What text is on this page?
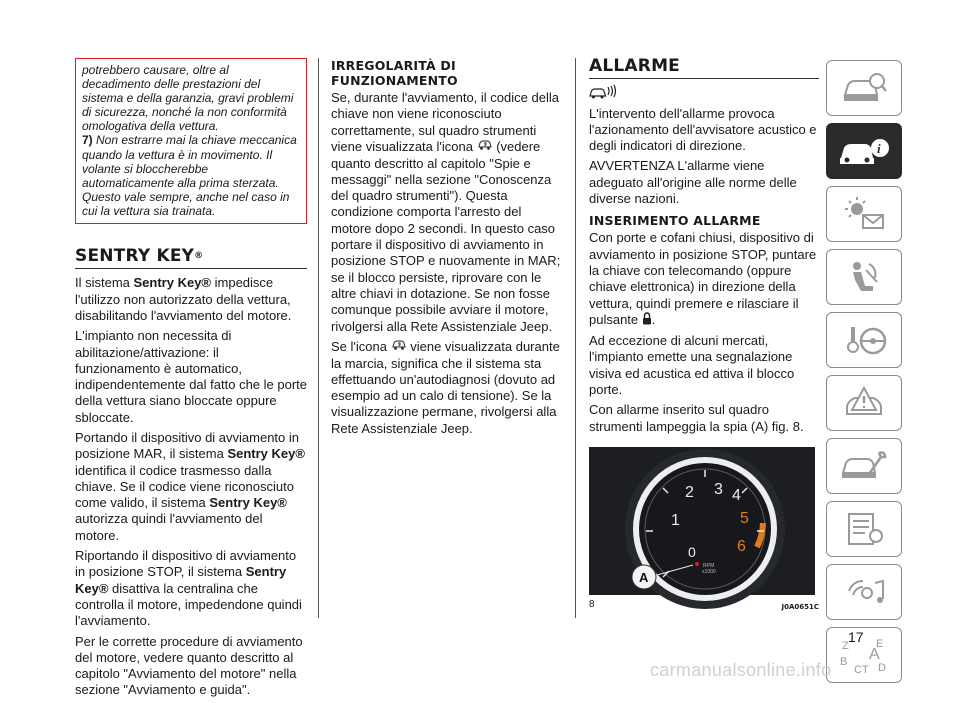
potrebbero causare, oltre al decadimento delle prestazioni del sistema e della garanzia, gravi problemi di sicurezza, nonché la non conformità omologativa della vettura.
7) Non estrarre mai la chiave meccanica quando la vettura è in movimento. Il volante si bloccherebbe automaticamente alla prima sterzata. Questo vale sempre, anche nel caso in cui la vettura sia trainata.
SENTRY KEY®

Il sistema Sentry Key® impedisce l'utilizzo non autorizzato della vettura, disabilitando l'avviamento del motore.

L'impianto non necessita di abilitazione/attivazione: il funzionamento è automatico, indipendentemente dal fatto che le porte della vettura siano bloccate oppure sbloccate.

Portando il dispositivo di avviamento in posizione MAR, il sistema Sentry Key® identifica il codice trasmesso dalla chiave. Se il codice viene riconosciuto come valido, il sistema Sentry Key® autorizza quindi l'avviamento del motore.

Riportando il dispositivo di avviamento in posizione STOP, il sistema Sentry Key® disattiva la centralina che controlla il motore, impedendone quindi l'avviamento.

Per le corrette procedure di avviamento del motore, vedere quanto descritto al capitolo "Avviamento del motore" nella sezione "Avviamento e guida".

IRREGOLARITÀ DI FUNZIONAMENTO

Se, durante l'avviamento, il codice della chiave non viene riconosciuto correttamente, sul quadro strumenti viene visualizzata l'icona (vedere quanto descritto al capitolo "Spie e messaggi" nella sezione "Conoscenza del quadro strumenti"). Questa condizione comporta l'arresto del motore dopo 2 secondi. In questo caso portare il dispositivo di avviamento in posizione STOP e nuovamente in MAR; se il blocco persiste, riprovare con le altre chiavi in dotazione. Se non fosse comunque possibile avviare il motore, rivolgersi alla Rete Assistenziale Jeep.

Se l'icona viene visualizzata durante la marcia, significa che il sistema sta effettuando un'autodiagnosi (dovuto ad esempio ad un calo di tensione). Se la visualizzazione permane, rivolgersi alla Rete Assistenziale Jeep.

ALLARME

L'intervento dell'allarme provoca l'azionamento dell'avvisatore acustico e degli indicatori di direzione.

AVVERTENZA L'allarme viene adeguato all'origine alle norme delle diverse nazioni.

INSERIMENTO ALLARME

Con porte e cofani chiusi, dispositivo di avviamento in posizione STOP, puntare la chiave con telecomando (oppure chiave elettronica) in direzione della vettura, quindi premere e rilasciare il pulsante .

Ad eccezione di alcuni mercati, l'impianto emette una segnalazione visiva ed acustica ed attiva il blocco porte.

Con allarme inserito sul quadro strumenti lampeggia la spia (A) fig. 8.

0
1
2 3 4
5
6
RPM
x1000
A
8	J0A0651C
i
Z E
B A
D
C T
17
carmanualsonline.info
